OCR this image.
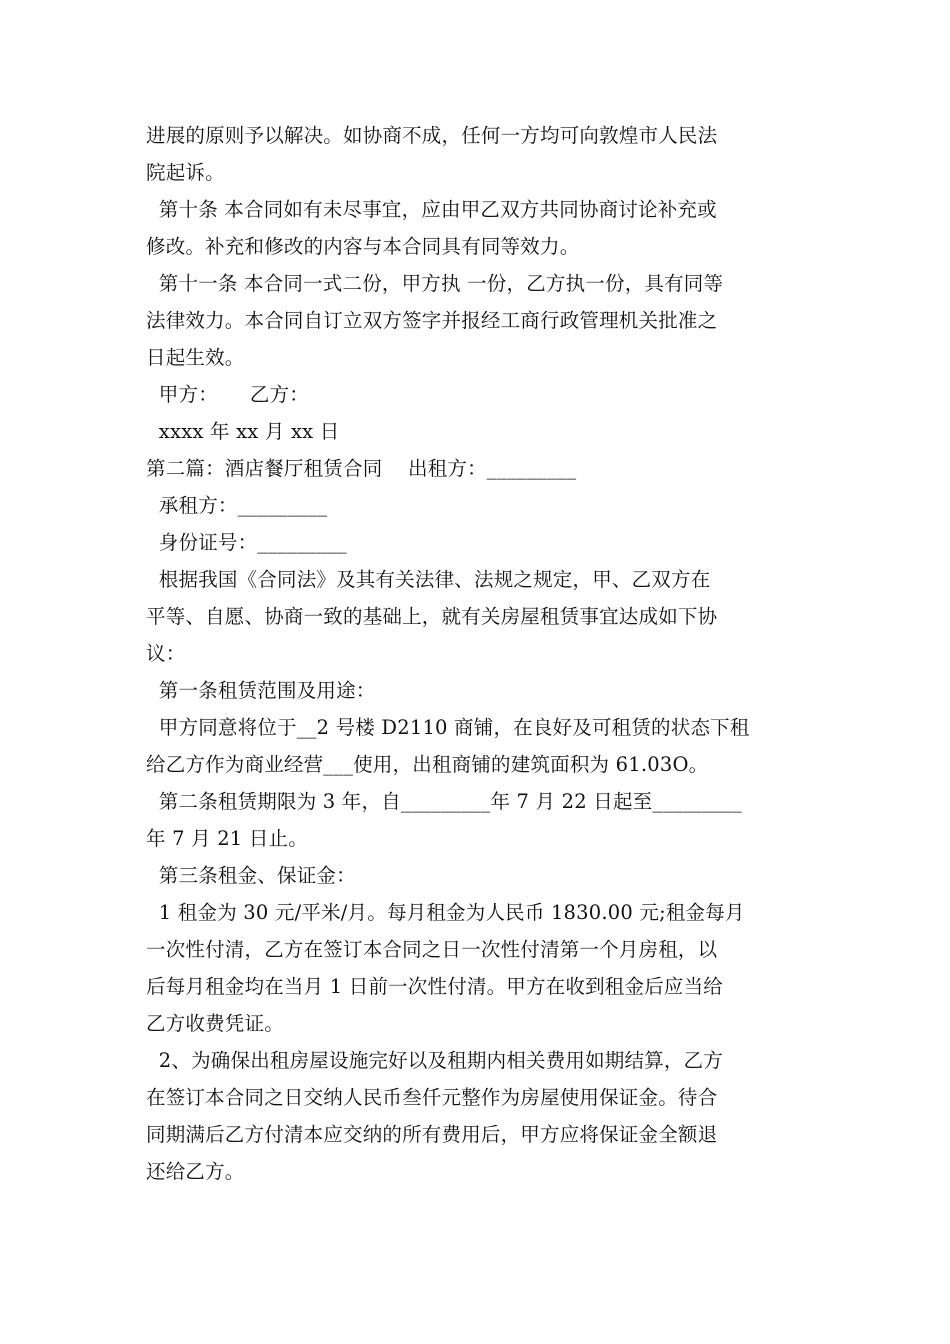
进展的原则予以解决。如协商不成，任何一方均可向敦煌市人民法
院起诉。
第十条 本合同如有未尽事宜，应由甲乙双方共同协商讨论补充或
修改。补充和修改的内容与本合同具有同等效力。
第十一条 本合同一式二份，甲方执 一份，乙方执一份，具有同等
法律效力。本合同自订立双方签字并报经工商行政管理机关批准之
日起生效。
甲方：     乙方：
xxxx 年 xx 月 xx 日
第二篇：酒店餐厅租赁合同    出租方：_________
承租方：_________
身份证号：_________
根据我国《合同法》及其有关法律、法规之规定，甲、乙双方在
平等、自愿、协商一致的基础上，就有关房屋租赁事宜达成如下协
议：
第一条租赁范围及用途：
甲方同意将位于__2 号楼 D2110 商铺，在良好及可租赁的状态下租
给乙方作为商业经营___使用，出租商铺的建筑面积为 61.03O。
第二条租赁期限为 3 年，自_________年 7 月 22 日起至_________
年 7 月 21 日止。
第三条租金、保证金：
1 租金为 30 元/平米/月。每月租金为人民币 1830.00 元;租金每月
一次性付清，乙方在签订本合同之日一次性付清第一个月房租，以
后每月租金均在当月 1 日前一次性付清。甲方在收到租金后应当给
乙方收费凭证。
2、为确保出租房屋设施完好以及租期内相关费用如期结算，乙方
在签订本合同之日交纳人民币叁仟元整作为房屋使用保证金。待合
同期满后乙方付清本应交纳的所有费用后，甲方应将保证金全额退
还给乙方。
